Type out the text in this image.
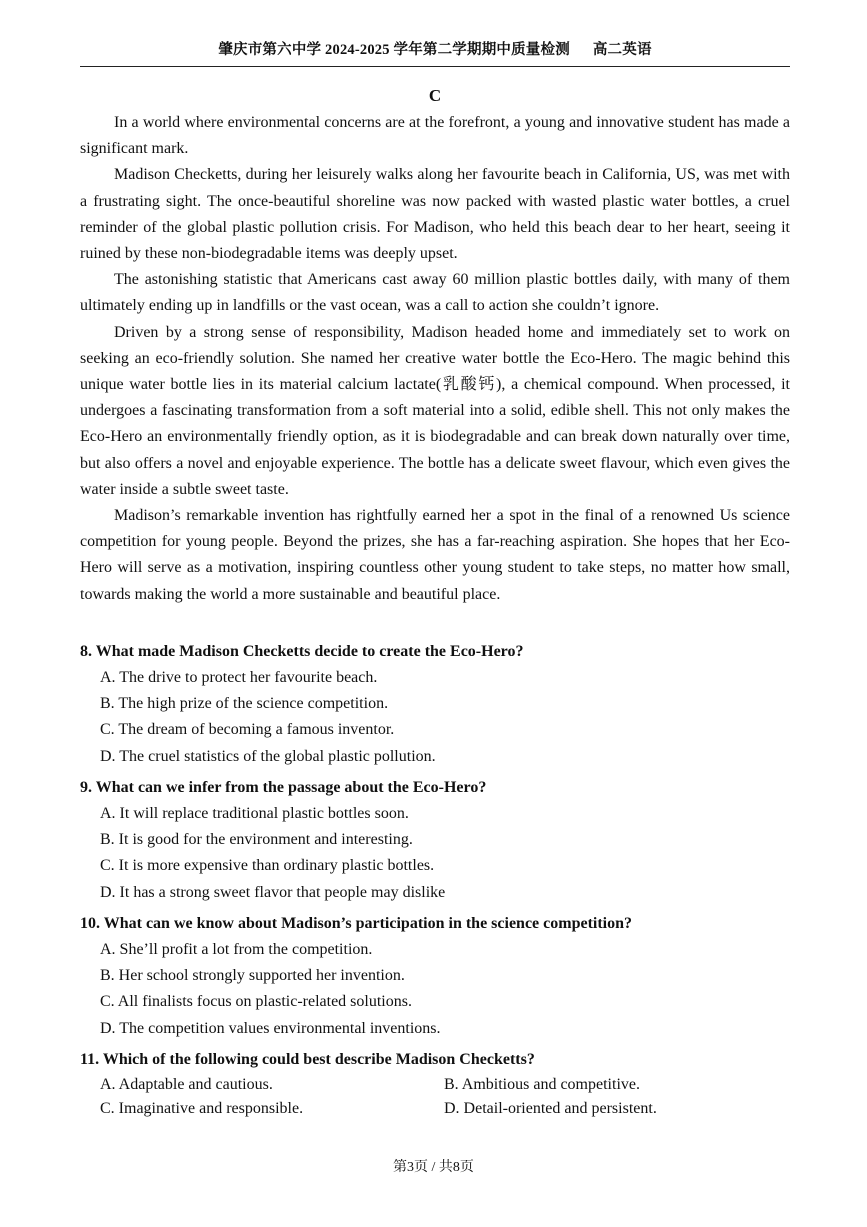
肇庆市第六中学 2024-2025 学年第二学期期中质量检测 高二英语
C

In a world where environmental concerns are at the forefront, a young and innovative student has made a significant mark.

Madison Checketts, during her leisurely walks along her favourite beach in California, US, was met with a frustrating sight. The once-beautiful shoreline was now packed with wasted plastic water bottles, a cruel reminder of the global plastic pollution crisis. For Madison, who held this beach dear to her heart, seeing it ruined by these non-biodegradable items was deeply upset.

The astonishing statistic that Americans cast away 60 million plastic bottles daily, with many of them ultimately ending up in landfills or the vast ocean, was a call to action she couldn’t ignore.

Driven by a strong sense of responsibility, Madison headed home and immediately set to work on seeking an eco-friendly solution. She named her creative water bottle the Eco-Hero. The magic behind this unique water bottle lies in its material calcium lactate(乳酸钙), a chemical compound. When processed, it undergoes a fascinating transformation from a soft material into a solid, edible shell. This not only makes the Eco-Hero an environmentally friendly option, as it is biodegradable and can break down naturally over time, but also offers a novel and enjoyable experience. The bottle has a delicate sweet flavour, which even gives the water inside a subtle sweet taste.

Madison’s remarkable invention has rightfully earned her a spot in the final of a renowned Us science competition for young people. Beyond the prizes, she has a far-reaching aspiration. She hopes that her Eco-Hero will serve as a motivation, inspiring countless other young student to take steps, no matter how small, towards making the world a more sustainable and beautiful place.

8. What made Madison Checketts decide to create the Eco-Hero?
A. The drive to protect her favourite beach.
B. The high prize of the science competition.
C. The dream of becoming a famous inventor.
D. The cruel statistics of the global plastic pollution.
9. What can we infer from the passage about the Eco-Hero?
A. It will replace traditional plastic bottles soon.
B. It is good for the environment and interesting.
C. It is more expensive than ordinary plastic bottles.
D. It has a strong sweet flavor that people may dislike
10. What can we know about Madison’s participation in the science competition?
A. She’ll profit a lot from the competition.
B. Her school strongly supported her invention.
C. All finalists focus on plastic-related solutions.
D. The competition values environmental inventions.
11. Which of the following could best describe Madison Checketts?
A. Adaptable and cautious.	B. Ambitious and competitive.
C. Imaginative and responsible.	D. Detail-oriented and persistent.
第3页 / 共8页
